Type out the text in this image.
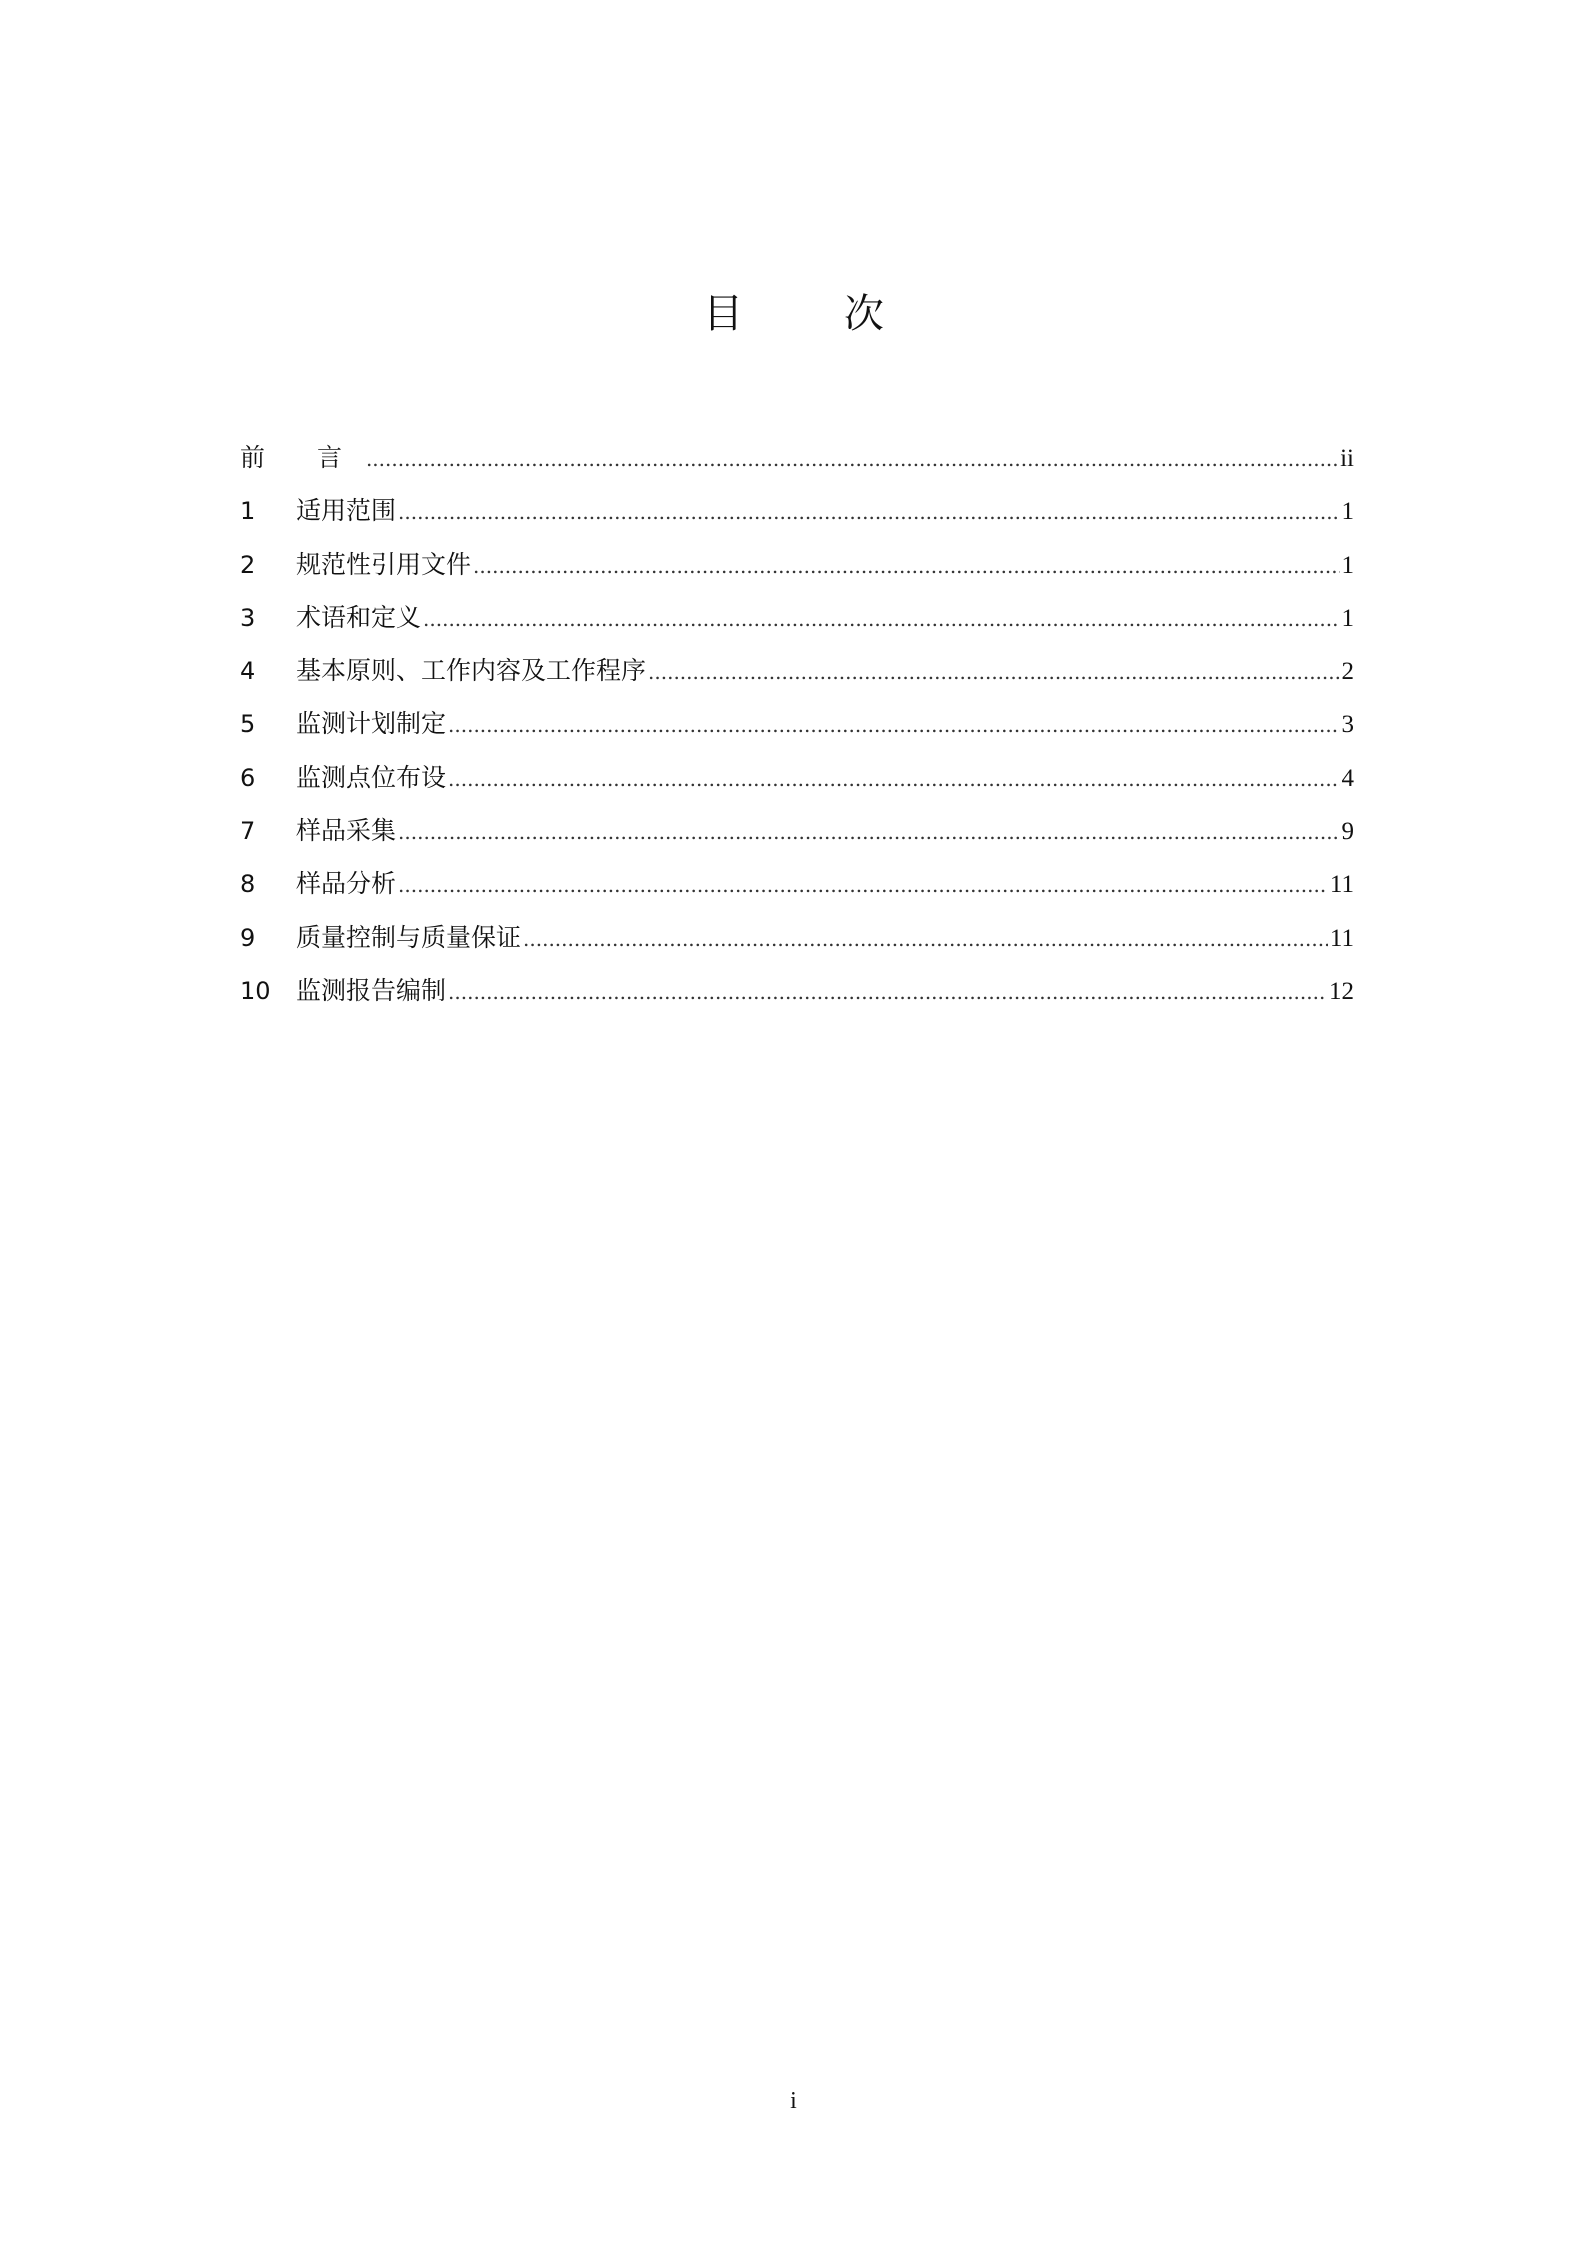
目 次
前 言 .....	ii
1	适用范围 .....	1
2	规范性引用文件 .....	1
3	术语和定义 .....	1
4	基本原则、工作内容及工作程序 .....	2
5	监测计划制定 .....	3
6	监测点位布设 .....	4
7	样品采集 .....	9
8	样品分析 .....	11
9	质量控制与质量保证 .....	11
10	监测报告编制 .....	12
i
